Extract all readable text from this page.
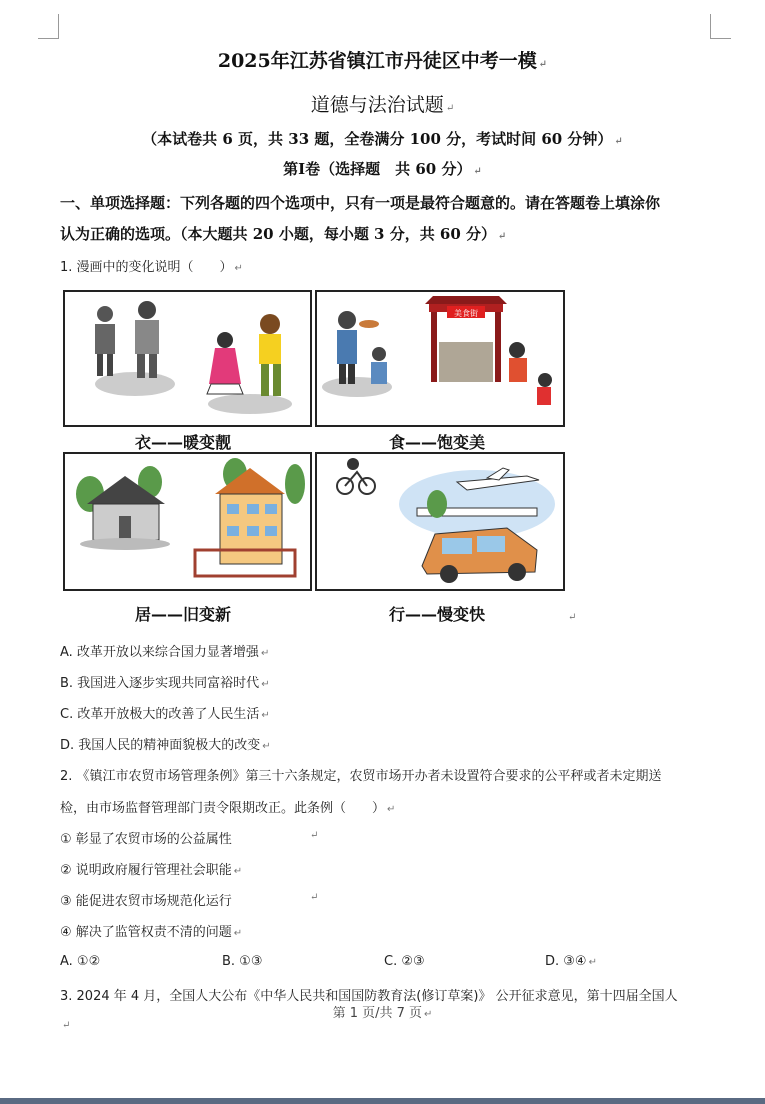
2025年江苏省镇江市丹徒区中考一模 ↵
道德与法治试题 ↵
（本试卷共 6 页，共 33 题，全卷满分 100 分，考试时间 60 分钟） ↵
第Ⅰ卷（选择题　共 60 分） ↵
一、单项选择题：下列各题的四个选项中，只有一项是最符合题意的。请在答题卷上填涂你
认为正确的选项。（本大题共 20 小题，每小题 3 分，共 60 分） ↵
1. 漫画中的变化说明（　　） ↵
美食街
衣——暖变靓	食——饱变美
居——旧变新	行——慢变快	↵
A. 改革开放以来综合国力显著增强 ↵
B. 我国进入逐步实现共同富裕时代 ↵
C. 改革开放极大的改善了人民生活 ↵
D. 我国人民的精神面貌极大的改变 ↵
2. 《镇江市农贸市场管理条例》第三十六条规定，农贸市场开办者未设置符合要求的公平秤或者未定期送
检，由市场监督管理部门责令限期改正。此条例（　　） ↵
① 彰显了农贸市场的公益属性	↵
② 说明政府履行管理社会职能 ↵
③ 能促进农贸市场规范化运行	↵
④ 解决了监管权责不清的问题 ↵
A. ①②	B. ①③	C. ②③	D. ③④ ↵
3. 2024 年 4 月，全国人大公布《中华人民共和国国防教育法(修订草案)》 公开征求意见，第十四届全国人
第 1 页/共 7 页 ↵
↵
